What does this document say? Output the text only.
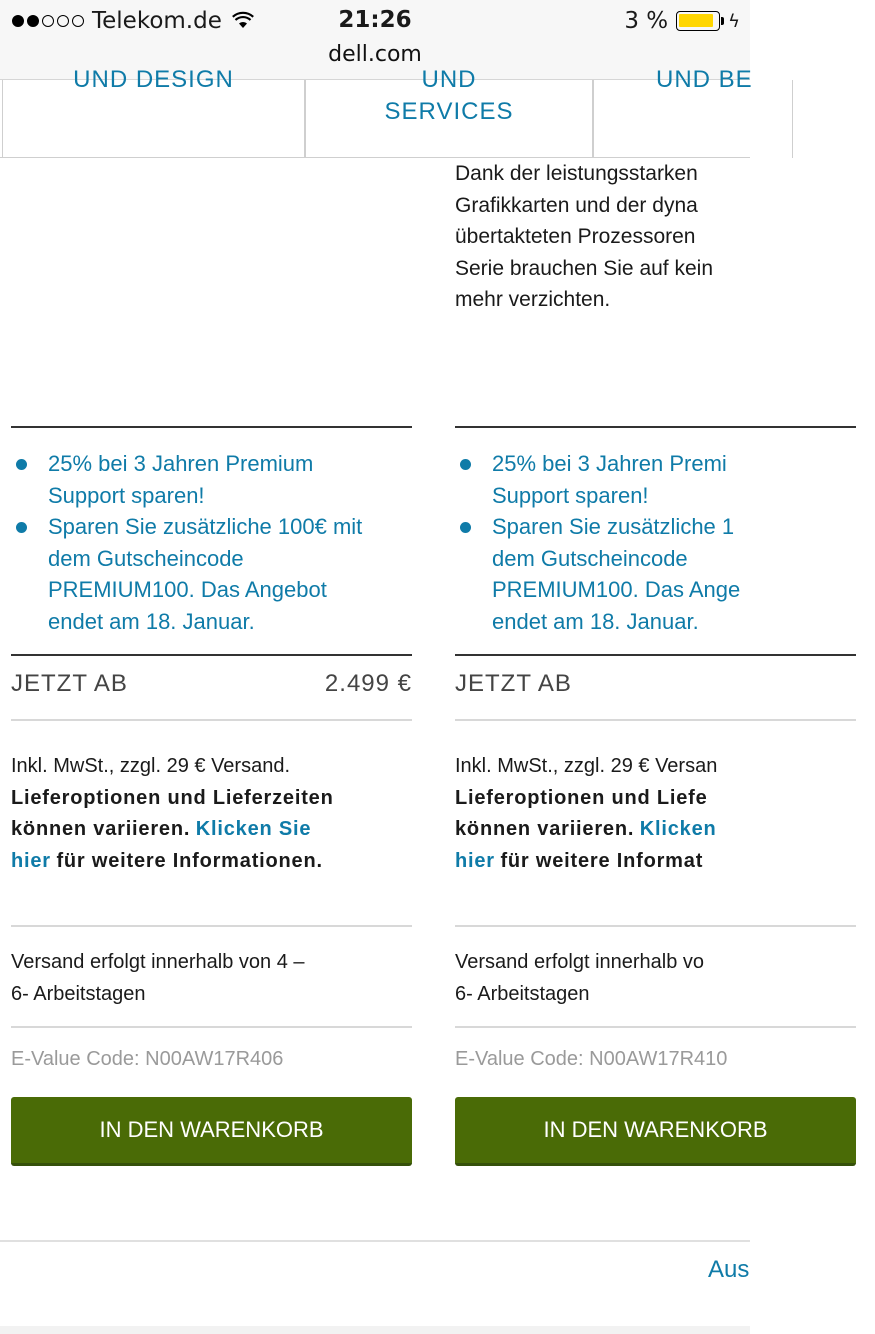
Telekom.de	21:26
dell.com
3 %	ϟ
UND DESIGN	UND
SERVICES
UND BE
25% bei 3 Jahren Premium
Support sparen!
Sparen Sie zusätzliche 100€ mit
dem Gutscheincode
PREMIUM100. Das Angebot
endet am 18. Januar.
JETZT AB	2.499 €
Inkl. MwSt., zzgl. 29 € Versand.
Lieferoptionen und Lieferzeiten
können variieren. Klicken Sie
hier für weitere Informationen.
Versand erfolgt innerhalb von 4 –
6- Arbeitstagen
E-Value Code: N00AW17R406
IN DEN WARENKORB
Dank der leistungsstarken
Grafikkarten und der dyna
übertakteten Prozessoren
Serie brauchen Sie auf kein
mehr verzichten.
25% bei 3 Jahren Premi
Support sparen!
Sparen Sie zusätzliche 1
dem Gutscheincode
PREMIUM100. Das Ange
endet am 18. Januar.
JETZT AB
Inkl. MwSt., zzgl. 29 € Versan
Lieferoptionen und Liefe
können variieren. Klicken
hier für weitere Informat
Versand erfolgt innerhalb vo
6- Arbeitstagen
E-Value Code: N00AW17R410
IN DEN WARENKORB
Aus
